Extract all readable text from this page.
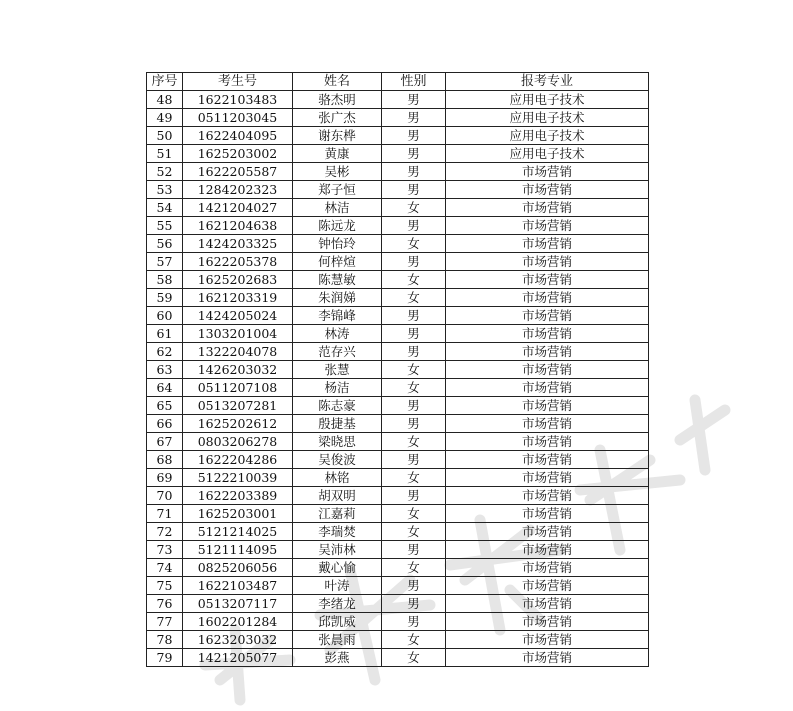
序号	考生号	姓名	性别	报考专业
48	1622103483	骆杰明	男	应用电子技术
49	0511203045	张广杰	男	应用电子技术
50	1622404095	谢东桦	男	应用电子技术
51	1625203002	黄康	男	应用电子技术
52	1622205587	吴彬	男	市场营销
53	1284202323	郑子恒	男	市场营销
54	1421204027	林洁	女	市场营销
55	1621204638	陈远龙	男	市场营销
56	1424203325	钟怡玲	女	市场营销
57	1622205378	何梓煊	男	市场营销
58	1625202683	陈慧敏	女	市场营销
59	1621203319	朱润娣	女	市场营销
60	1424205024	李锦峰	男	市场营销
61	1303201004	林涛	男	市场营销
62	1322204078	范存兴	男	市场营销
63	1426203032	张慧	女	市场营销
64	0511207108	杨洁	女	市场营销
65	0513207281	陈志豪	男	市场营销
66	1625202612	殷捷基	男	市场营销
67	0803206278	梁晓思	女	市场营销
68	1622204286	吴俊波	男	市场营销
69	5122210039	林铭	女	市场营销
70	1622203389	胡双明	男	市场营销
71	1625203001	江嘉莉	女	市场营销
72	5121214025	李瑞焚	女	市场营销
73	5121114095	吴沛林	男	市场营销
74	0825206056	戴心愉	女	市场营销
75	1622103487	叶涛	男	市场营销
76	0513207117	李绪龙	男	市场营销
77	1602201284	邱凯威	男	市场营销
78	1623203032	张晨雨	女	市场营销
79	1421205077	彭燕	女	市场营销
